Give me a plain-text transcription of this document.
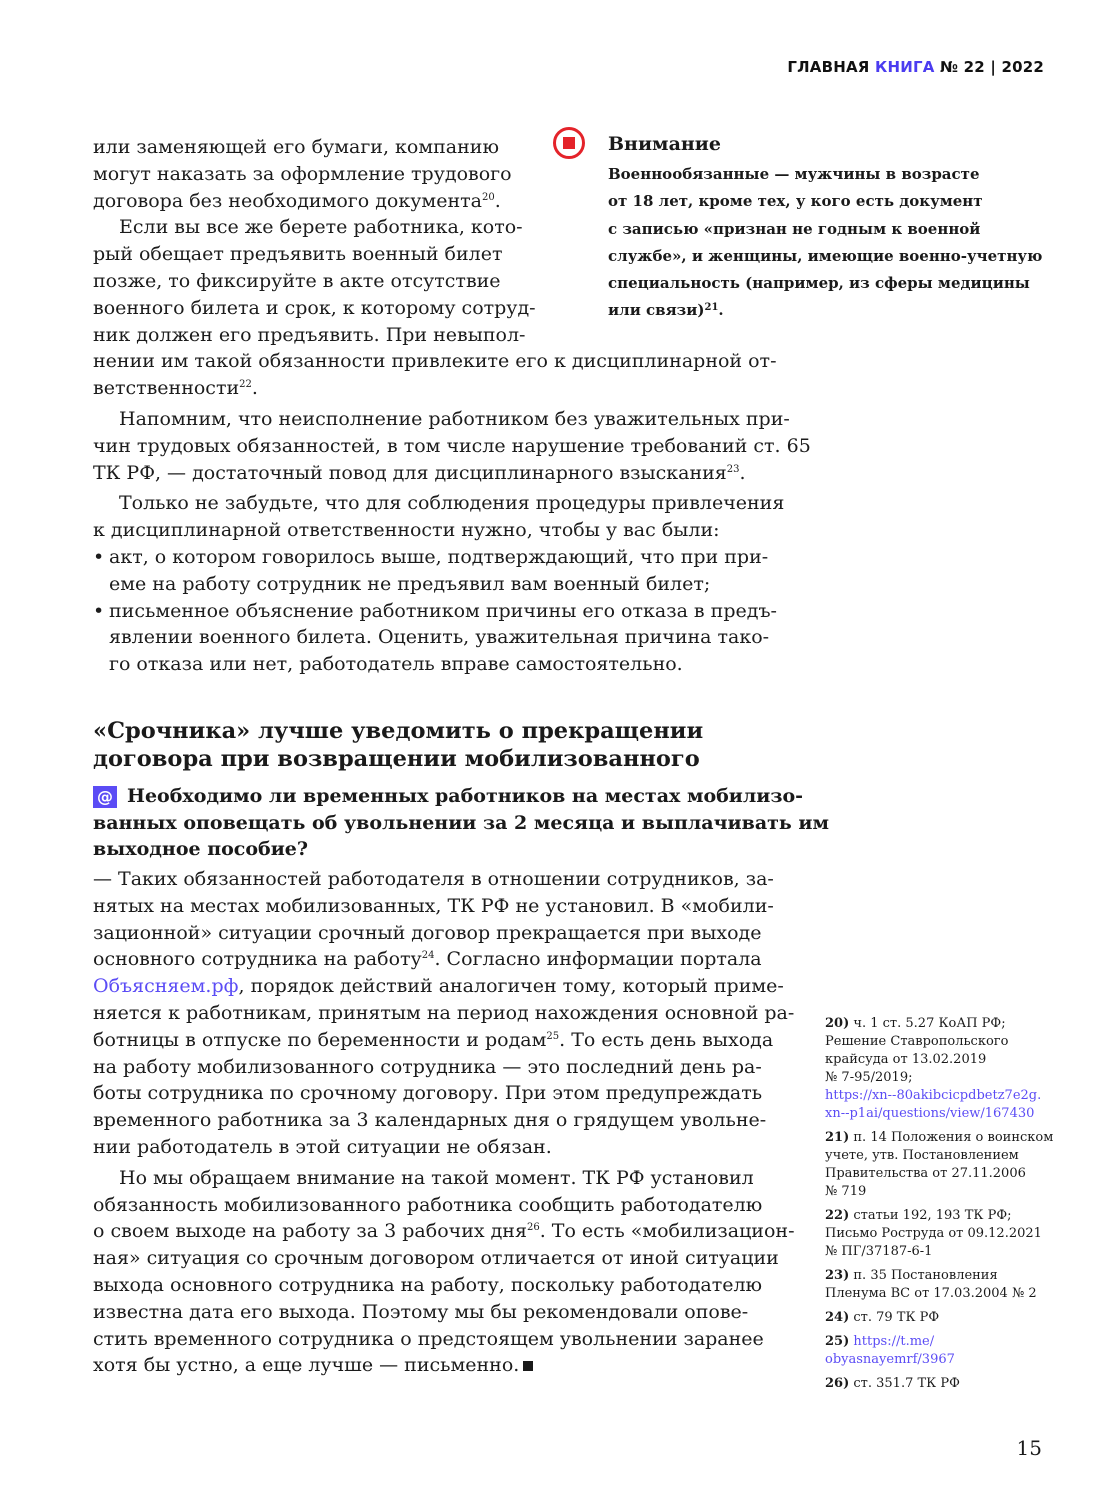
ГЛАВНАЯ КНИГА № 22 | 2022
или заменяющей его бумаги, компанию
могут наказать за оформление трудового
договора без необходимого документа$^{20}$.
Если вы все же берете работника, кото-
рый обещает предъявить военный билет
позже, то фиксируйте в акте отсутствие
военного билета и срок, к которому сотруд-
ник должен его предъявить. При невыпол-
нении им такой обязанности привлеките его к дисциплинарной от-
ветственности$^{22}$.
Напомним, что неисполнение работником без уважительных при-
чин трудовых обязанностей, в том числе нарушение требований ст. 65
ТК РФ, — достаточный повод для дисциплинарного взыскания$^{23}$.
Только не забудьте, что для соблюдения процедуры привлечения
к дисциплинарной ответственности нужно, чтобы у вас были:
• акт, о котором говорилось выше, подтверждающий, что при при-
еме на работу сотрудник не предъявил вам военный билет;
• письменное объяснение работником причины его отказа в предъ-
явлении военного билета. Оценить, уважительная причина тако-
го отказа или нет, работодатель вправе самостоятельно.
Внимание
Военнообязанные — мужчины в возрасте
от 18 лет, кроме тех, у кого есть документ
с записью «признан не годным к военной
службе», и женщины, имеющие военно-учетную
специальность (например, из сферы медицины
или связи)$^{21}$.
«Срочника» лучше уведомить о прекращении
договора при возвращении мобилизованного
@ Необходимо ли временных работников на местах мобилизо-
ванных оповещать об увольнении за 2 месяца и выплачивать им
выходное пособие?
— Таких обязанностей работодателя в отношении сотрудников, за-
нятых на местах мобилизованных, ТК РФ не установил. В «мобили-
зационной» ситуации срочный договор прекращается при выходе
основного сотрудника на работу$^{24}$. Согласно информации портала
Объясняем.рф, порядок действий аналогичен тому, который приме-
няется к работникам, принятым на период нахождения основной ра-
ботницы в отпуске по беременности и родам$^{25}$. То есть день выхода
на работу мобилизованного сотрудника — это последний день ра-
боты сотрудника по срочному договору. При этом предупреждать
временного работника за 3 календарных дня о грядущем увольне-
нии работодатель в этой ситуации не обязан.
Но мы обращаем внимание на такой момент. ТК РФ установил
обязанность мобилизованного работника сообщить работодателю
о своем выходе на работу за 3 рабочих дня$^{26}$. То есть «мобилизацион-
ная» ситуация со срочным договором отличается от иной ситуации
выхода основного сотрудника на работу, поскольку работодателю
известна дата его выхода. Поэтому мы бы рекомендовали опове-
стить временного сотрудника о предстоящем увольнении заранее
хотя бы устно, а еще лучше — письменно.
20) ч. 1 ст. 5.27 КоАП РФ;
Решение Ставропольского
крайсуда от 13.02.2019
№ 7-95/2019;
https://xn--80akibcicpdbetz7e2g.
xn--p1ai/questions/view/167430
21) п. 14 Положения о воинском
учете, утв. Постановлением
Правительства от 27.11.2006
№ 719
22) статьи 192, 193 ТК РФ;
Письмо Роструда от 09.12.2021
№ ПГ/37187-6-1
23) п. 35 Постановления
Пленума ВС от 17.03.2004 № 2
24) ст. 79 ТК РФ
25) https://t.me/
obyasnayemrf/3967
26) ст. 351.7 ТК РФ
15
